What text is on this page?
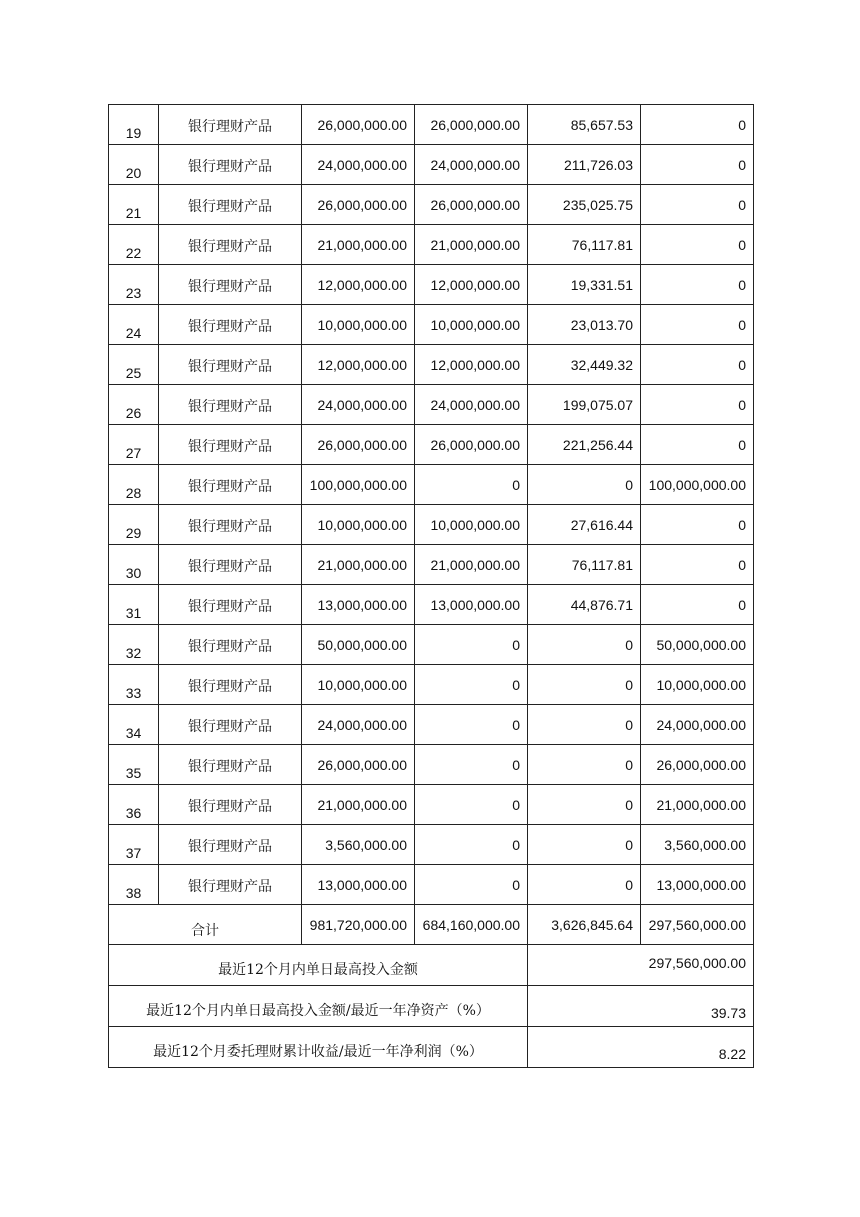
19	银行理财产品	26,000,000.00	26,000,000.00	85,657.53	0
20	银行理财产品	24,000,000.00	24,000,000.00	211,726.03	0
21	银行理财产品	26,000,000.00	26,000,000.00	235,025.75	0
22	银行理财产品	21,000,000.00	21,000,000.00	76,117.81	0
23	银行理财产品	12,000,000.00	12,000,000.00	19,331.51	0
24	银行理财产品	10,000,000.00	10,000,000.00	23,013.70	0
25	银行理财产品	12,000,000.00	12,000,000.00	32,449.32	0
26	银行理财产品	24,000,000.00	24,000,000.00	199,075.07	0
27	银行理财产品	26,000,000.00	26,000,000.00	221,256.44	0
28	银行理财产品	100,000,000.00	0	0	100,000,000.00
29	银行理财产品	10,000,000.00	10,000,000.00	27,616.44	0
30	银行理财产品	21,000,000.00	21,000,000.00	76,117.81	0
31	银行理财产品	13,000,000.00	13,000,000.00	44,876.71	0
32	银行理财产品	50,000,000.00	0	0	50,000,000.00
33	银行理财产品	10,000,000.00	0	0	10,000,000.00
34	银行理财产品	24,000,000.00	0	0	24,000,000.00
35	银行理财产品	26,000,000.00	0	0	26,000,000.00
36	银行理财产品	21,000,000.00	0	0	21,000,000.00
37	银行理财产品	3,560,000.00	0	0	3,560,000.00
38	银行理财产品	13,000,000.00	0	0	13,000,000.00
合计		981,720,000.00	684,160,000.00	3,626,845.64	297,560,000.00
最近12个月内单日最高投入金额				297,560,000.00	
最近12个月内单日最高投入金额/最近一年净资产（%）				39.73	
最近12个月委托理财累计收益/最近一年净利润（%）				8.22	
